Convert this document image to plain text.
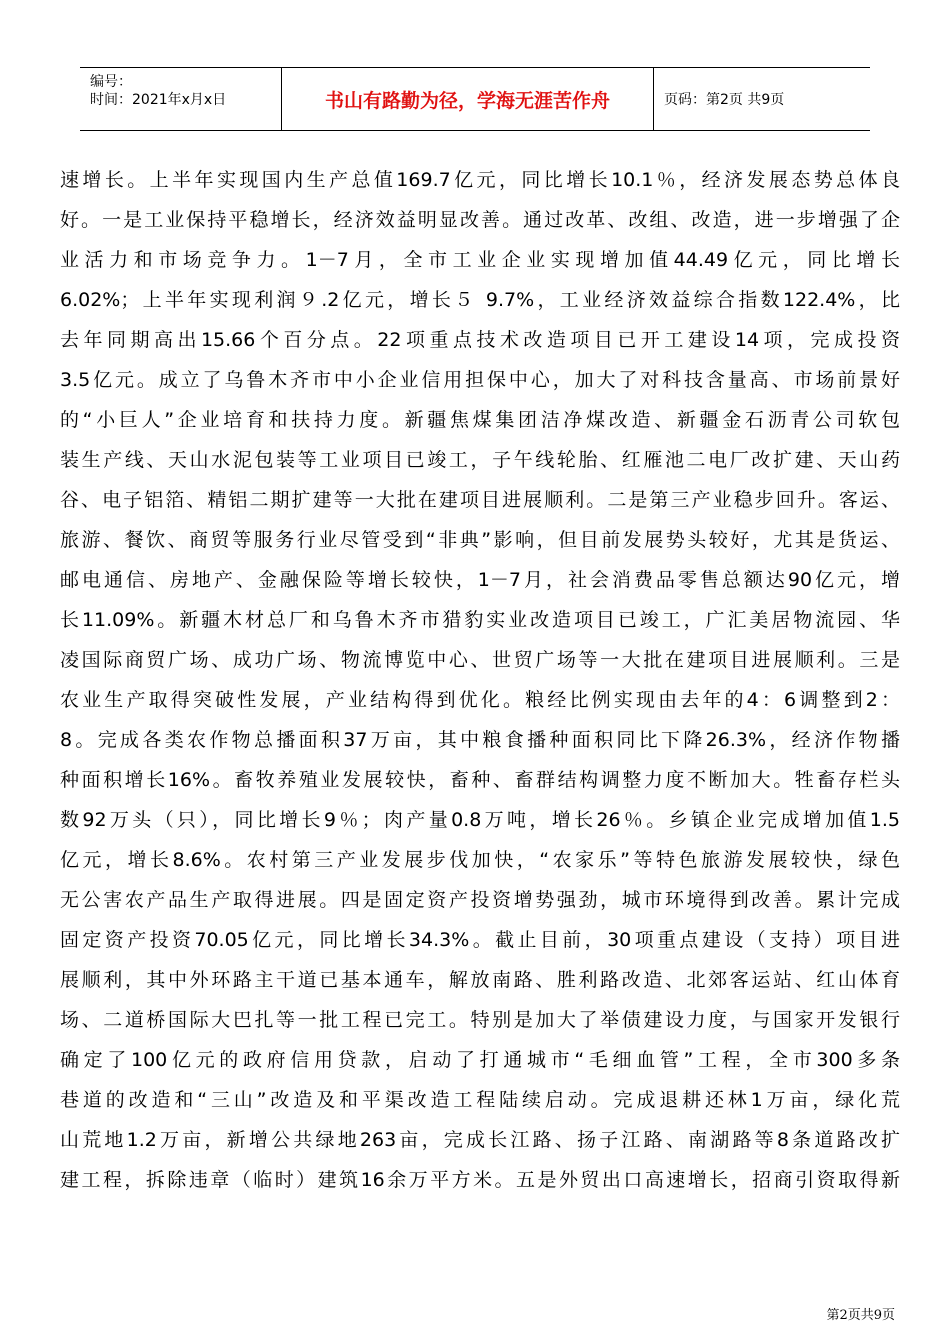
编号：
时间：2021年x月x日	书山有路勤为径，学海无涯苦作舟	页码：第2页 共9页
速增长。上半年实现国内生产总值169.7亿元，同比增长10.1％，经济发展态势总体良
好。一是工业保持平稳增长，经济效益明显改善。通过改革、改组、改造，进一步增强了企
业活力和市场竞争力。1－7月，全市工业企业实现增加值44.49亿元，同比增长
6.02%；上半年实现利润９.2亿元，增长５ 9.7%，工业经济效益综合指数122.4%，比
去年同期高出15.66个百分点。22项重点技术改造项目已开工建设14项，完成投资
3.5亿元。成立了乌鲁木齐市中小企业信用担保中心，加大了对科技含量高、市场前景好
的“小巨人”企业培育和扶持力度。新疆焦煤集团洁净煤改造、新疆金石沥青公司软包
装生产线、天山水泥包装等工业项目已竣工，子午线轮胎、红雁池二电厂改扩建、天山药
谷、电子铝箔、精铝二期扩建等一大批在建项目进展顺利。二是第三产业稳步回升。客运、
旅游、餐饮、商贸等服务行业尽管受到“非典”影响，但目前发展势头较好，尤其是货运、
邮电通信、房地产、金融保险等增长较快，1－7月，社会消费品零售总额达90亿元，增
长11.09%。新疆木材总厂和乌鲁木齐市猎豹实业改造项目已竣工，广汇美居物流园、华
凌国际商贸广场、成功广场、物流博览中心、世贸广场等一大批在建项目进展顺利。三是
农业生产取得突破性发展，产业结构得到优化。粮经比例实现由去年的4：6调整到2：
8。完成各类农作物总播面积37万亩，其中粮食播种面积同比下降26.3%，经济作物播
种面积增长16%。畜牧养殖业发展较快，畜种、畜群结构调整力度不断加大。牲畜存栏头
数92万头（只），同比增长9％；肉产量0.8万吨，增长26％。乡镇企业完成增加值1.5
亿元，增长8.6%。农村第三产业发展步伐加快，“农家乐”等特色旅游发展较快，绿色
无公害农产品生产取得进展。四是固定资产投资增势强劲，城市环境得到改善。累计完成
固定资产投资70.05亿元，同比增长34.3%。截止目前，30项重点建设（支持）项目进
展顺利，其中外环路主干道已基本通车，解放南路、胜利路改造、北郊客运站、红山体育
场、二道桥国际大巴扎等一批工程已完工。特别是加大了举债建设力度，与国家开发银行
确定了100亿元的政府信用贷款，启动了打通城市“毛细血管”工程，全市300多条
巷道的改造和“三山”改造及和平渠改造工程陆续启动。完成退耕还林1万亩，绿化荒
山荒地1.2万亩，新增公共绿地263亩，完成长江路、扬子江路、南湖路等8条道路改扩
建工程，拆除违章（临时）建筑16余万平方米。五是外贸出口高速增长，招商引资取得新
第2页共9页
